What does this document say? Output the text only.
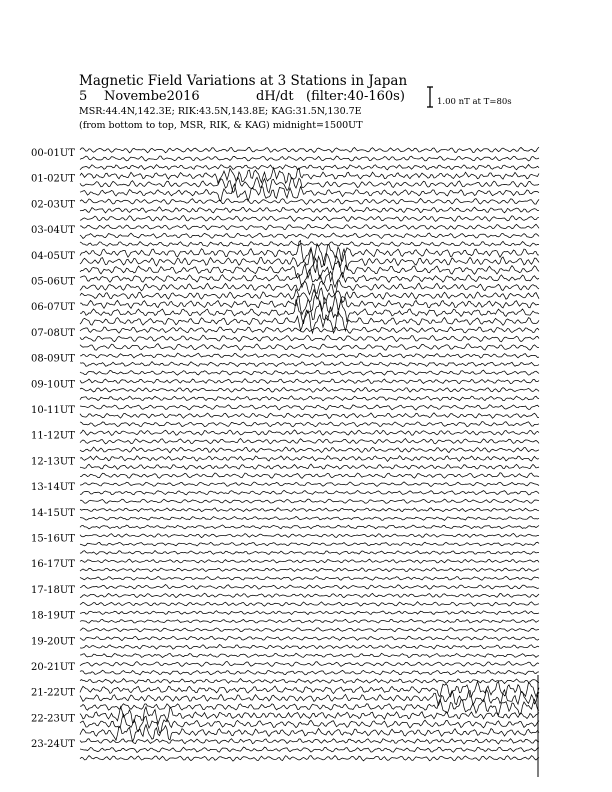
Magnetic Field Variations at 3 Stations in Japan
5 Novembe2016	dH/dt (filter:40-160s)
MSR:44.4N,142.3E; RIK:43.5N,143.8E; KAG:31.5N,130.7E
(from bottom to top, MSR, RIK, & KAG) midnight=1500UT
1.00 nT at T=80s
00-01UT
01-02UT
02-03UT
03-04UT
04-05UT
05-06UT
06-07UT
07-08UT
08-09UT
09-10UT
10-11UT
11-12UT
12-13UT
13-14UT
14-15UT
15-16UT
16-17UT
17-18UT
18-19UT
19-20UT
20-21UT
21-22UT
22-23UT
23-24UT
